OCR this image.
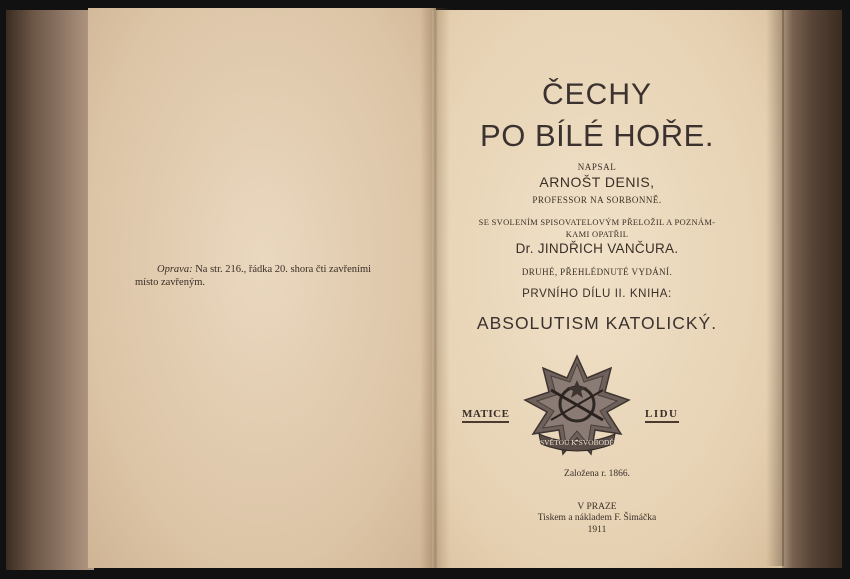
Oprava: Na str. 216., řádka 20. shora čti zavřeními
místo zavřeným.
ČECHY
PO BÍLÉ HOŘE.
NAPSAL
ARNOŠT DENIS,
PROFESSOR NA SORBONNĚ.
SE SVOLENÍM SPISOVATELOVÝM PŘELOŽIL A POZNÁM-
KAMI OPATŘIL
Dr. JINDŘICH VANČURA.
DRUHÉ, PŘEHLÉDNUTÉ VYDÁNÍ.
PRVNÍHO DÍLU II. KNIHA:
ABSOLUTISM KATOLICKÝ.
MATICE	LIDU
SVĚTOU K SVOBODĚ
Založena r. 1866.
V PRAZE
Tiskem a nákladem F. Šimáčka
1911
